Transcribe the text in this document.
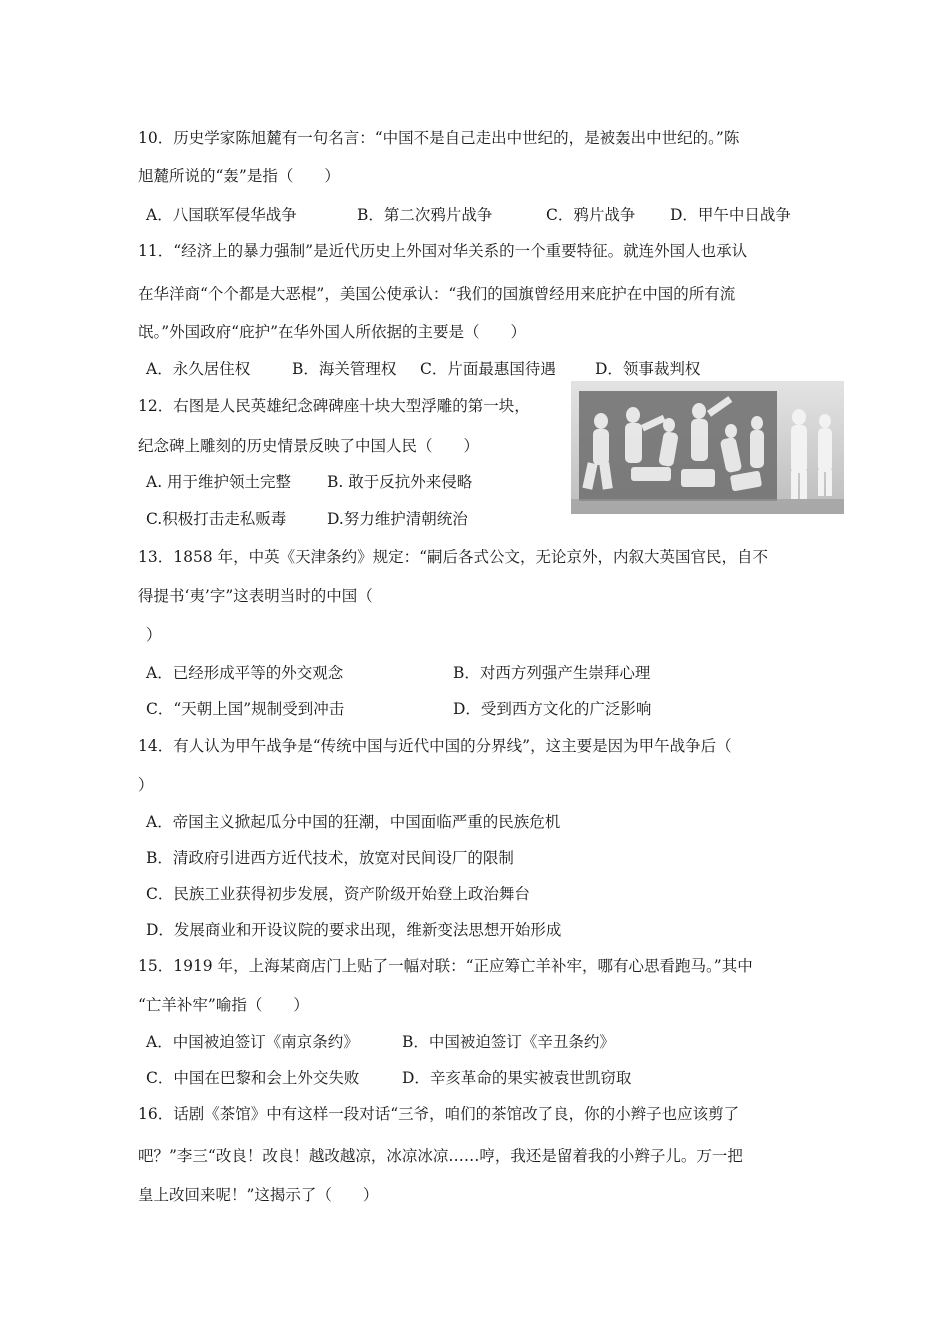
10．历史学家陈旭麓有一句名言：“中国不是自己走出中世纪的，是被轰出中世纪的。”陈
旭麓所说的“轰”是指（　　）
A．八国联军侵华战争	B．第二次鸦片战争	C．鸦片战争 D．甲午中日战争
11．“经济上的暴力强制”是近代历史上外国对华关系的一个重要特征。就连外国人也承认
在华洋商“个个都是大恶棍”，美国公使承认：“我们的国旗曾经用来庇护在中国的所有流
氓。”外国政府“庇护”在华外国人所依据的主要是（　　）
A．永久居住权	B．海关管理权 C．片面最惠国待遇	D．领事裁判权
12．右图是人民英雄纪念碑碑座十块大型浮雕的第一块，
纪念碑上雕刻的历史情景反映了中国人民（　　）
A. 用于维护领土完整 B. 敢于反抗外来侵略
C.积极打击走私贩毒	D.努力维护清朝统治
13．1858 年，中英《天津条约》规定：“嗣后各式公文，无论京外，内叙大英国官民，自不
得提书‘夷’字”这表明当时的中国（
）
A．已经形成平等的外交观念	B．对西方列强产生崇拜心理
C．“天朝上国”规制受到冲击	D．受到西方文化的广泛影响
14．有人认为甲午战争是“传统中国与近代中国的分界线”，这主要是因为甲午战争后（
）
A．帝国主义掀起瓜分中国的狂潮，中国面临严重的民族危机
B．清政府引进西方近代技术，放宽对民间设厂的限制
C．民族工业获得初步发展，资产阶级开始登上政治舞台
D．发展商业和开设议院的要求出现，维新变法思想开始形成
15．1919 年，上海某商店门上贴了一幅对联：“正应筹亡羊补牢，哪有心思看跑马。”其中
“亡羊补牢”喻指（　　）
A．中国被迫签订《南京条约》	B．中国被迫签订《辛丑条约》
C．中国在巴黎和会上外交失败	D．辛亥革命的果实被袁世凯窃取
16．话剧《茶馆》中有这样一段对话“三爷，咱们的茶馆改了良，你的小辫子也应该剪了
吧？”李三“改良！改良！越改越凉，冰凉冰凉……哼，我还是留着我的小辫子儿。万一把
皇上改回来呢！”这揭示了（　　）
